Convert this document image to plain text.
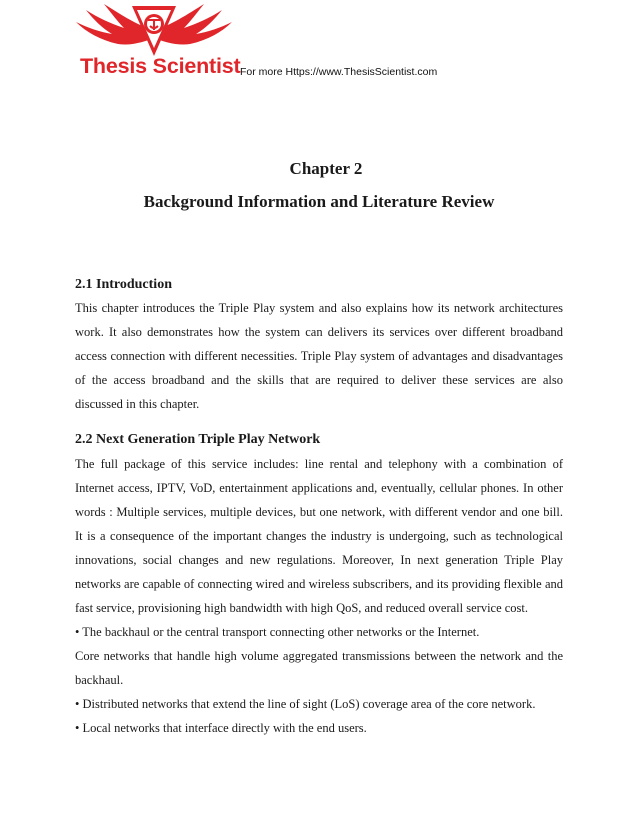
Thesis Scientist For more Https://www.ThesisScientist.com
Chapter 2
Background Information and Literature Review
2.1 Introduction
This chapter introduces the Triple Play system and also explains how its network architectures
work. It also demonstrates how the system can delivers its services over different broadband
access connection with different necessities. Triple Play system of advantages and disadvantages
of the access broadband and the skills that are required to deliver these services are also
discussed in this chapter.
2.2 Next Generation Triple Play Network
The full package of this service includes: line rental and telephony with a combination of
Internet access, IPTV, VoD, entertainment applications and, eventually, cellular phones. In other
words : Multiple services, multiple devices, but one network, with different vendor and one bill.
It is a consequence of the important changes the industry is undergoing, such as technological
innovations, social changes and new regulations. Moreover, In next generation Triple Play
networks are capable of connecting wired and wireless subscribers, and its providing flexible and
fast service, provisioning high bandwidth with high QoS, and reduced overall service cost.
• The backhaul or the central transport connecting other networks or the Internet.
Core networks that handle high volume aggregated transmissions between the network and the
backhaul.
• Distributed networks that extend the line of sight (LoS) coverage area of the core network.
• Local networks that interface directly with the end users.
